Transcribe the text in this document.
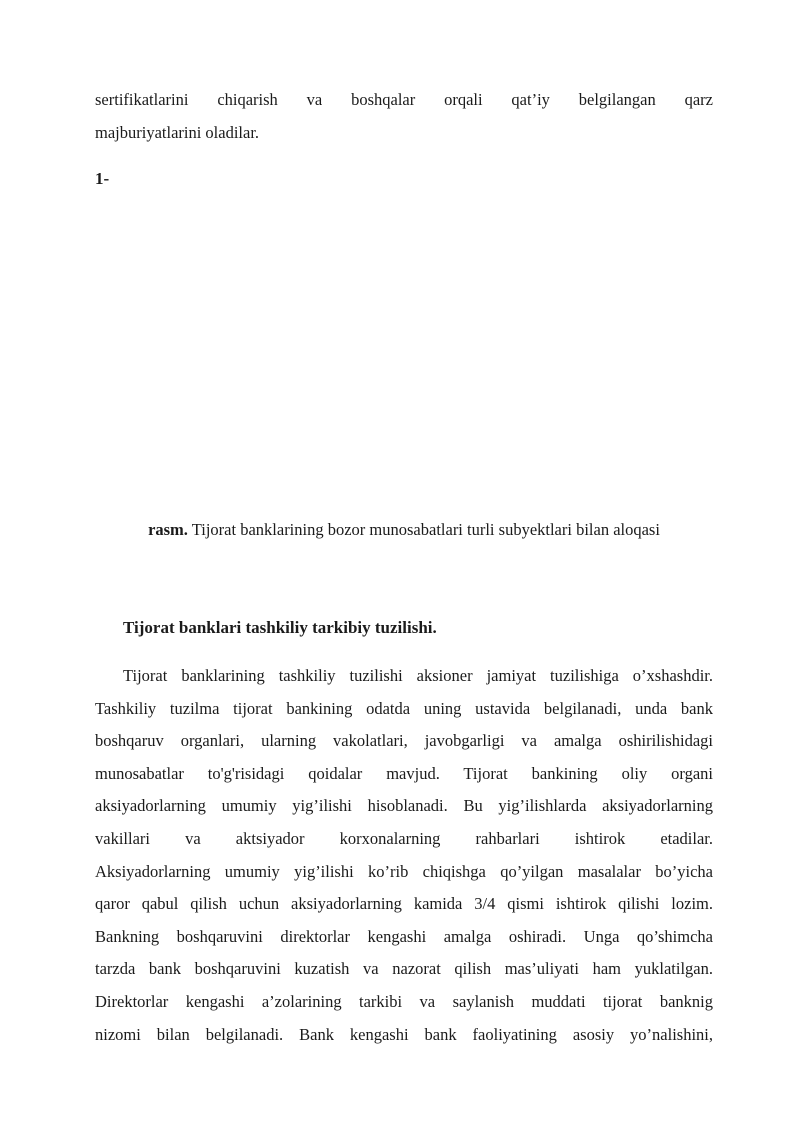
sertifikatlarini chiqarish va boshqalar orqali qat’iy belgilangan qarz
majburiyatlarini oladilar.
1-
rasm. Tijorat banklarining bozor munosabatlari turli subyektlari bilan aloqasi
Tijorat banklari tashkiliy tarkibiy tuzilishi.
Tijorat banklarining tashkiliy tuzilishi aksioner jamiyat tuzilishiga o’xshashdir.
Tashkiliy tuzilma tijorat bankining odatda uning ustavida belgilanadi, unda bank
boshqaruv organlari, ularning vakolatlari, javobgarligi va amalga oshirilishidagi
munosabatlar to'g'risidagi qoidalar mavjud. Tijorat bankining oliy organi
aksiyadorlarning umumiy yig’ilishi hisoblanadi. Bu yig’ilishlarda aksiyadorlarning
vakillari va aktsiyador korxonalarning rahbarlari ishtirok etadilar.
Aksiyadorlarning umumiy yig’ilishi ko’rib chiqishga qo’yilgan masalalar bo’yicha
qaror qabul qilish uchun aksiyadorlarning kamida 3/4 qismi ishtirok qilishi lozim.
Bankning boshqaruvini direktorlar kengashi amalga oshiradi. Unga qo’shimcha
tarzda bank boshqaruvini kuzatish va nazorat qilish mas’uliyati ham yuklatilgan.
Direktorlar kengashi a’zolarining tarkibi va saylanish muddati tijorat banknig
nizomi bilan belgilanadi. Bank kengashi bank faoliyatining asosiy yo’nalishini,
